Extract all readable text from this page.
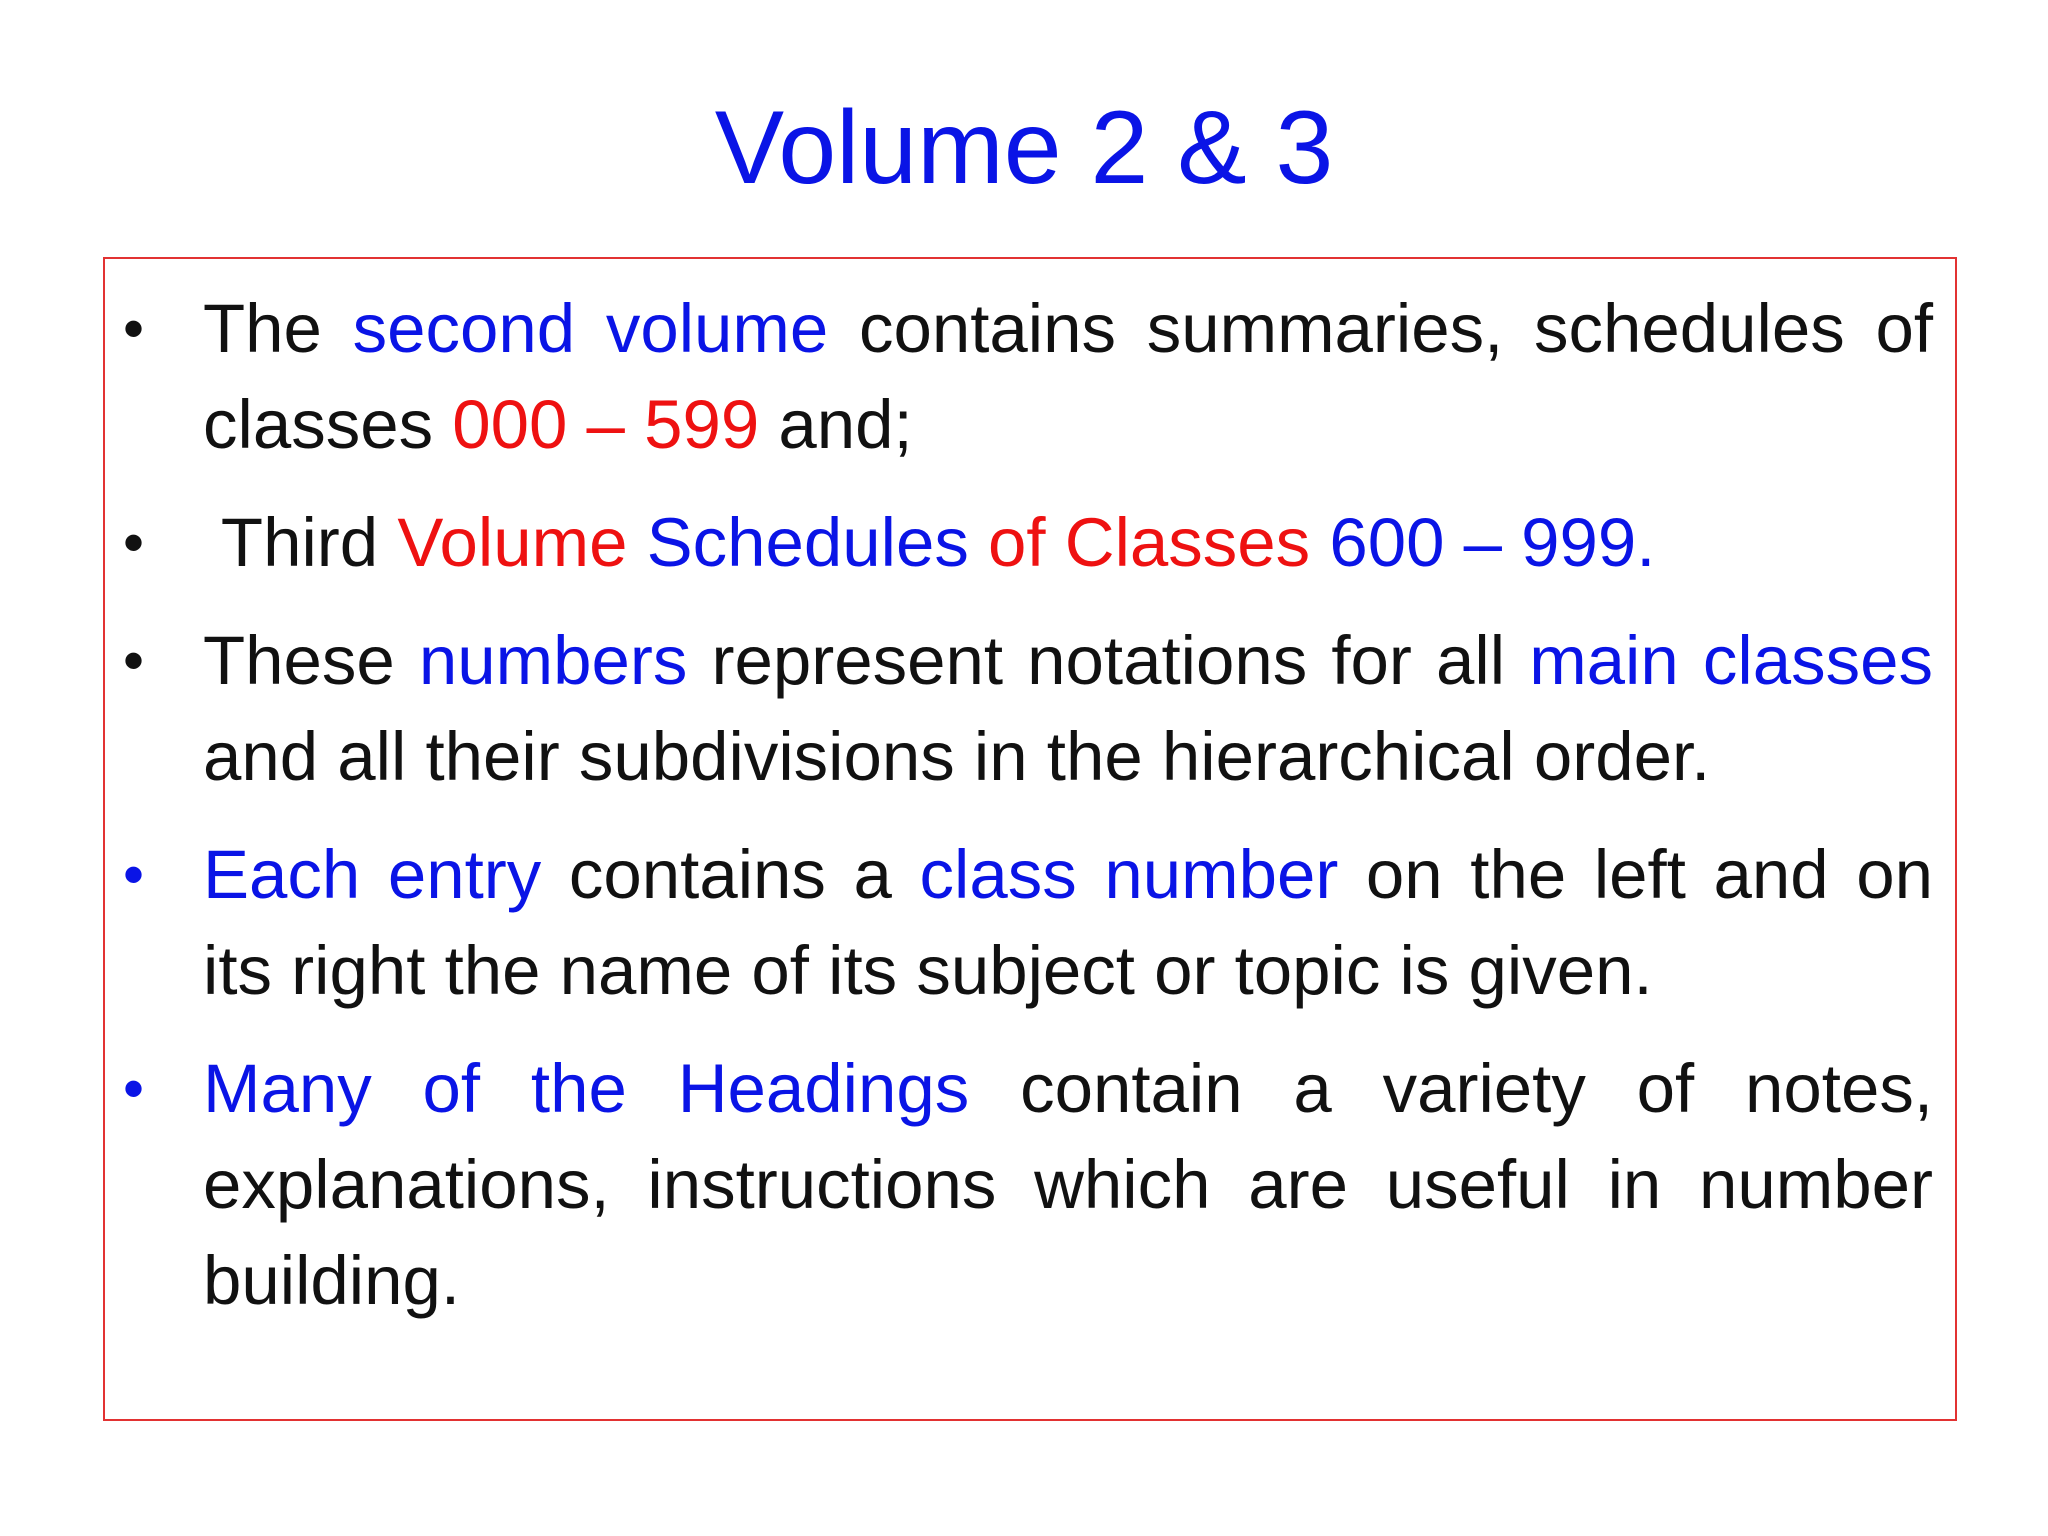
Volume 2 & 3
• The second volume contains summaries, schedules of classes 000 – 599 and;
• Third Volume Schedules of Classes 600 – 999.
• These numbers represent notations for all main classes and all their subdivisions in the hierarchical order.
• Each entry contains a class number on the left and on its right the name of its subject or topic is given.
• Many of the Headings contain a variety of notes, explanations, instructions which are useful in number building.
